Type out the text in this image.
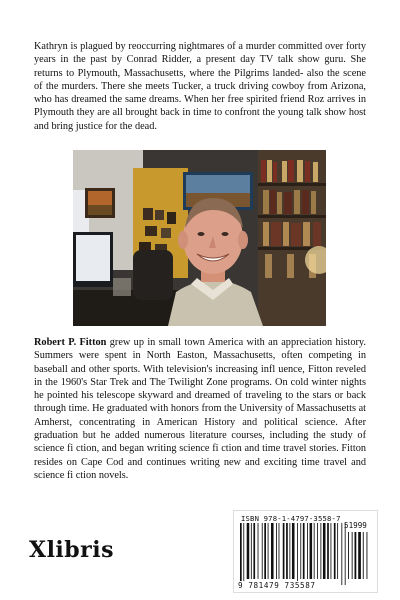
Kathryn is plagued by reoccurring nightmares of a murder committed over forty years in the past by Conrad Ridder, a present day TV talk show guru. She returns to Plymouth, Massachusetts, where the Pilgrims landed- also the scene of the murders. There she meets Tucker, a truck driving cowboy from Arizona, who has dreamed the same dreams. When her free spirited friend Roz arrives in Plymouth they are all brought back in time to confront the young talk show host and bring justice for the dead.

Robert P. Fitton grew up in small town America with an appreciation history. Summers were spent in North Easton, Massachusetts, often competing in baseball and other sports. With television's increasing infl uence, Fitton reveled in the 1960's Star Trek and The Twilight Zone programs. On cold winter nights he pointed his telescope skyward and dreamed of traveling to the stars or back through time. He graduated with honors from the University of Massachusetts at Amherst, concentrating in American History and political science. After graduation but he added numerous literature courses, including the study of science fi ction, and began writing science fi ction and time travel stories. Fitton resides on Cape Cod and continues writing new and exciting time travel and science fi ction novels.

Xlibris
ISBN 978-1-4797-3558-7
51999
9 781479 735587
